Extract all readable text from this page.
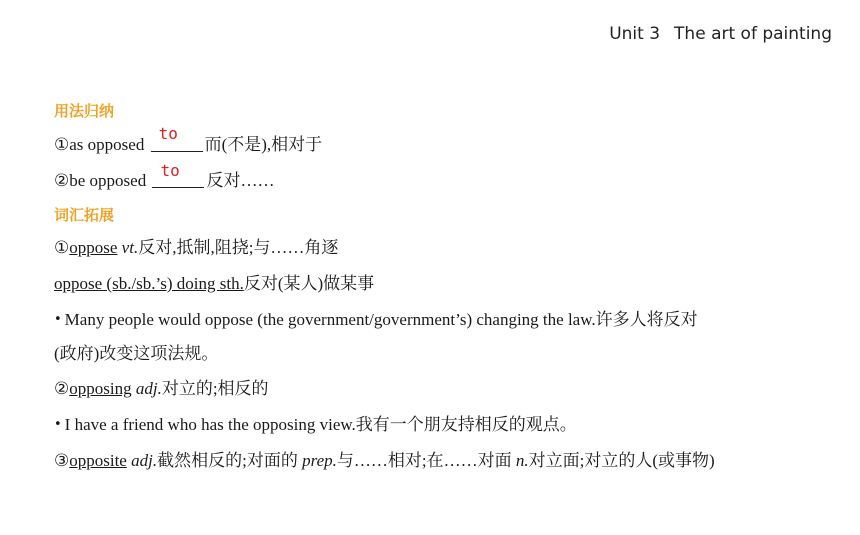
Unit 3 The art of painting
用法归纳
①as opposed
to
而(不是),相对于
②be opposed
to
反对……
词汇拓展
①oppose vt.反对,抵制,阻挠;与……角逐
oppose (sb./sb.’s) doing sth.反对(某人)做某事
• Many people would oppose (the government/government’s) changing the law.许多人将反对
(政府)改变这项法规。
②opposing adj.对立的;相反的
• I have a friend who has the opposing view.我有一个朋友持相反的观点。
③opposite adj.截然相反的;对面的 prep.与……相对;在……对面 n.对立面;对立的人(或事物)
